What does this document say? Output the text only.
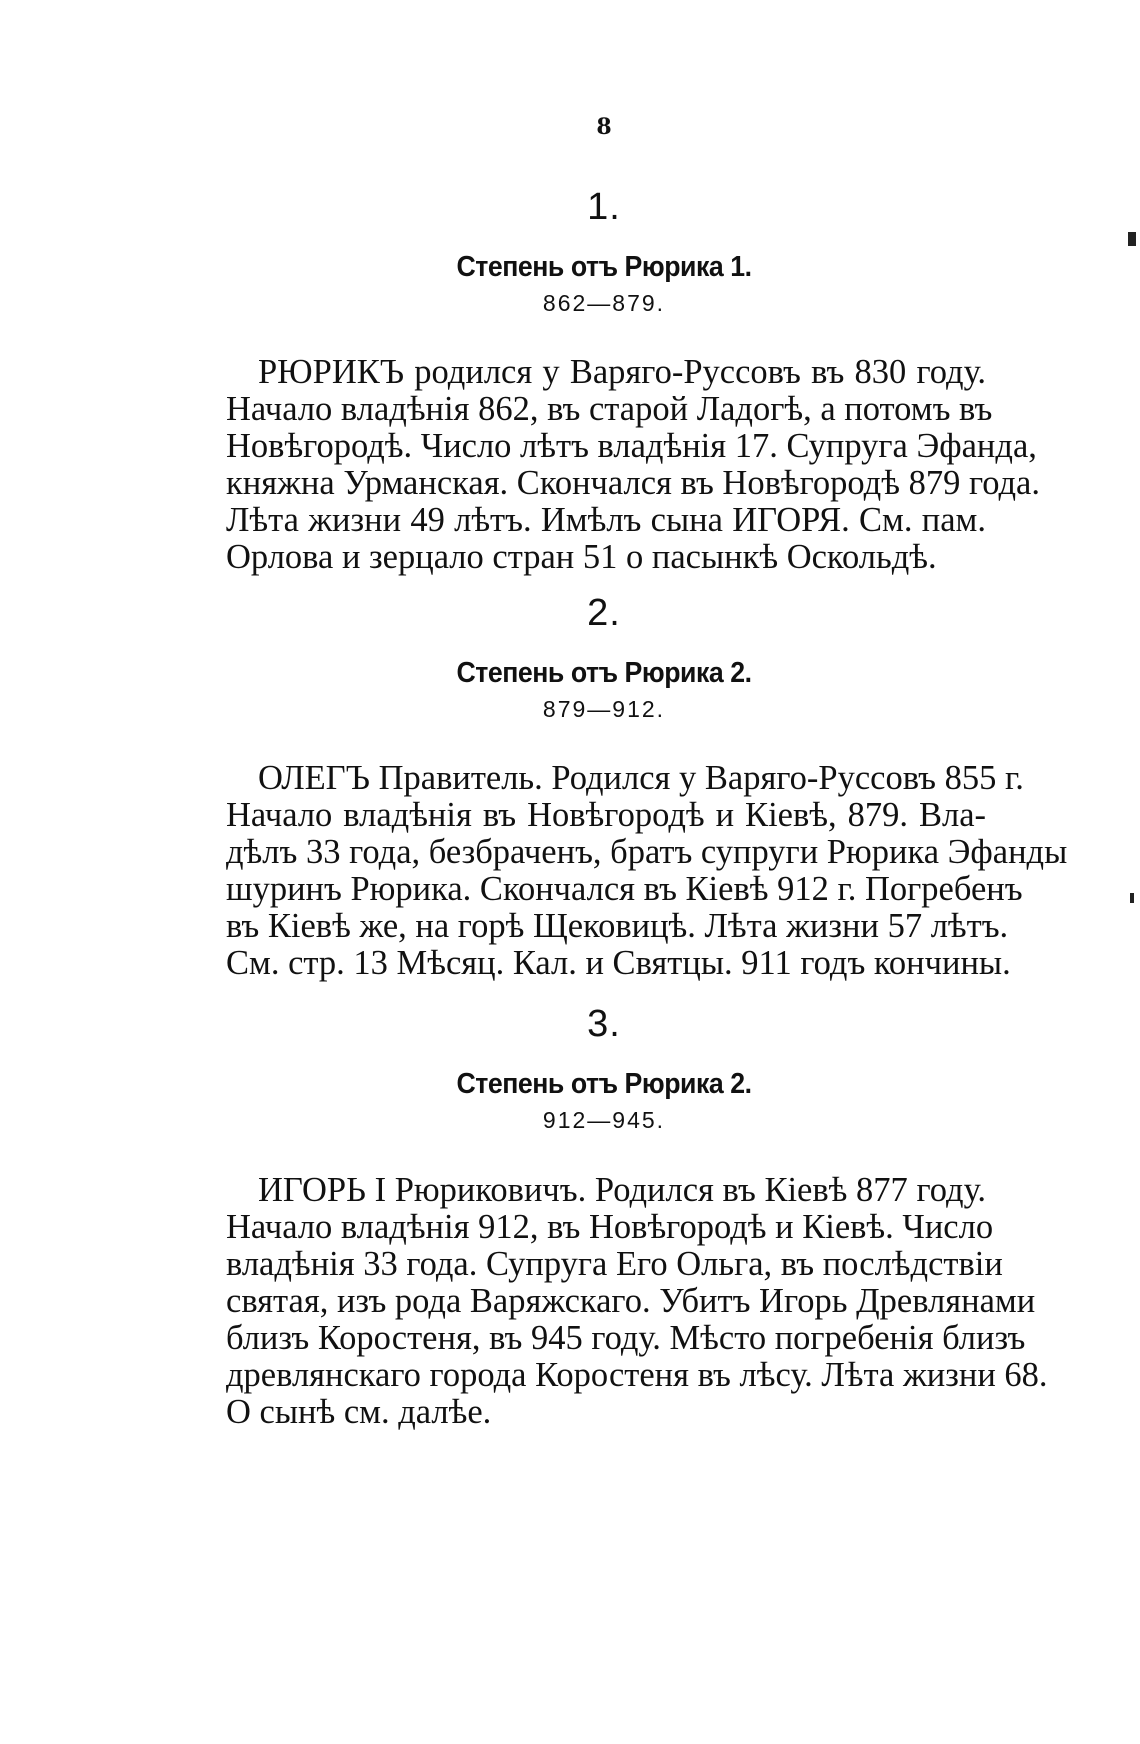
8
1.
Степень отъ Рюрика 1.
862—879.
РЮРИКЪ родился у Варяго-Руссовъ въ 830 году.
Начало владѣнія 862, въ старой Ладогѣ, а потомъ въ
Новѣгородѣ. Число лѣтъ владѣнія 17. Супруга Эфанда,
княжна Урманская. Скончался въ Новѣгородѣ 879 года.
Лѣта жизни 49 лѣтъ. Имѣлъ сына ИГОРЯ. См. пам.
Орлова и зерцало стран 51 о пасынкѣ Оскольдѣ.
2.
Степень отъ Рюрика 2.
879—912.
ОЛЕГЪ Правитель. Родился у Варяго-Руссовъ 855 г.
Начало владѣнія въ Новѣгородѣ и Кіевѣ, 879. Вла-
дѣлъ 33 года, безбраченъ, братъ супруги Рюрика Эфанды
шуринъ Рюрика. Скончался въ Кіевѣ 912 г. Погребенъ
въ Кіевѣ же, на горѣ Щековицѣ. Лѣта жизни 57 лѣтъ.
См. стр. 13 Мѣсяц. Кал. и Святцы. 911 годъ кончины.
3.
Степень отъ Рюрика 2.
912—945.
ИГОРЬ I Рюриковичъ. Родился въ Кіевѣ 877 году.
Начало владѣнія 912, въ Новѣгородѣ и Кіевѣ. Число
владѣнія 33 года. Супруга Его Ольга, въ послѣдствіи
святая, изъ рода Варяжскаго. Убитъ Игорь Древлянами
близъ Коростеня, въ 945 году. Мѣсто погребенія близъ
древлянскаго города Коростеня въ лѣсу. Лѣта жизни 68.
О сынѣ см. далѣе.
